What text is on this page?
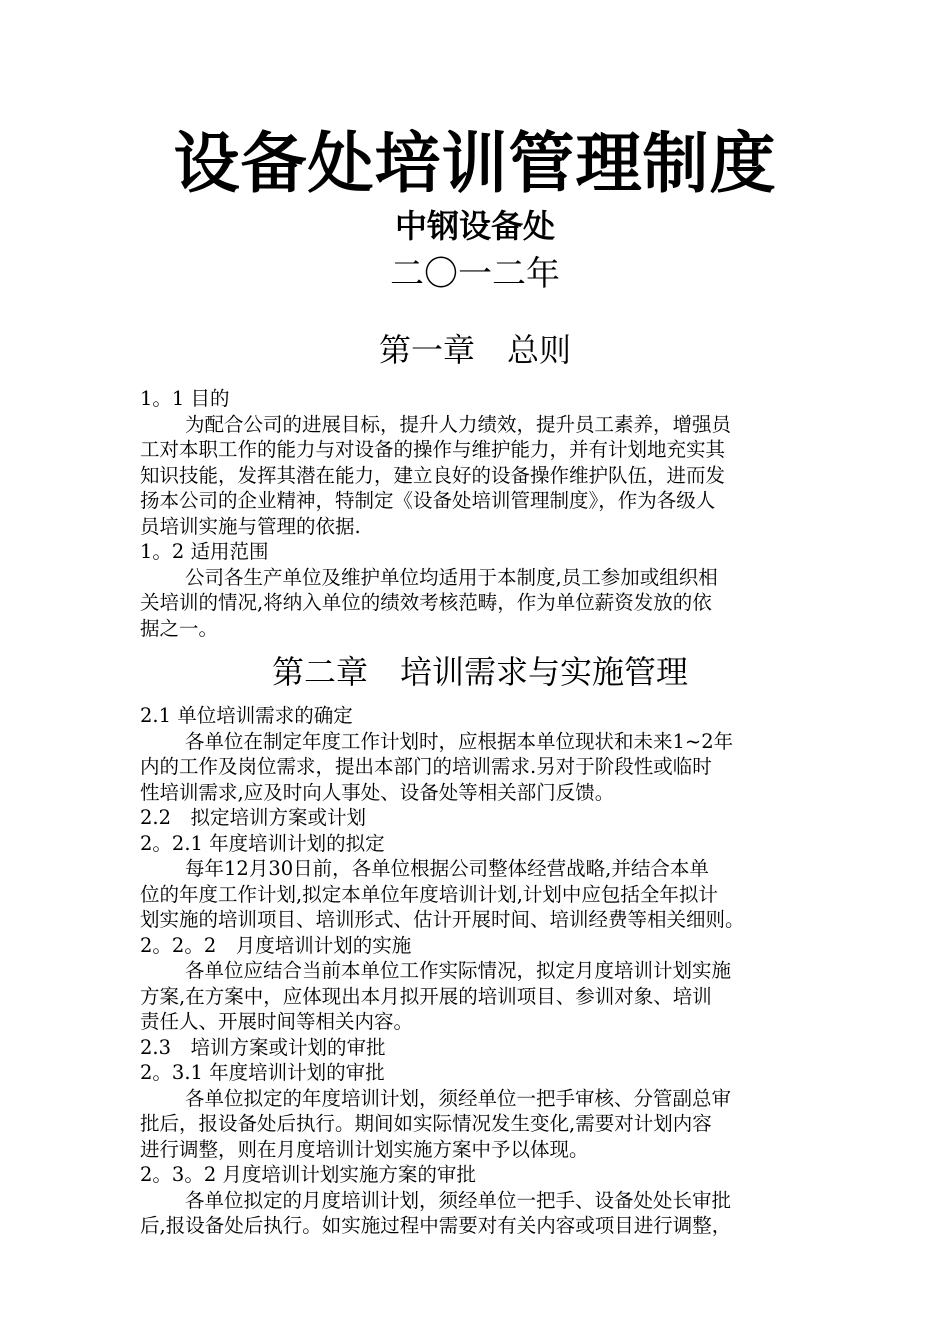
设备处培训管理制度
中钢设备处
二〇一二年
第一章　总则

1。1 目的

为配合公司的进展目标，提升人力绩效，提升员工素养，增强员

工对本职工作的能力与对设备的操作与维护能力，并有计划地充实其

知识技能，发挥其潜在能力，建立良好的设备操作维护队伍，进而发

扬本公司的企业精神，特制定《设备处培训管理制度》，作为各级人

员培训实施与管理的依据.

1。2 适用范围

公司各生产单位及维护单位均适用于本制度,员工参加或组织相

关培训的情况,将纳入单位的绩效考核范畴，作为单位薪资发放的依

据之一。

第二章　培训需求与实施管理

2.1 单位培训需求的确定

各单位在制定年度工作计划时，应根据本单位现状和未来1~2年

内的工作及岗位需求，提出本部门的培训需求.另对于阶段性或临时

性培训需求,应及时向人事处、设备处等相关部门反馈。

2.2　拟定培训方案或计划

2。2.1 年度培训计划的拟定

每年12月30日前，各单位根据公司整体经营战略,并结合本单

位的年度工作计划,拟定本单位年度培训计划,计划中应包括全年拟计

划实施的培训项目、培训形式、估计开展时间、培训经费等相关细则。

2。2。2　月度培训计划的实施

各单位应结合当前本单位工作实际情况，拟定月度培训计划实施

方案,在方案中，应体现出本月拟开展的培训项目、参训对象、培训

责任人、开展时间等相关内容。

2.3　培训方案或计划的审批

2。3.1 年度培训计划的审批

各单位拟定的年度培训计划，须经单位一把手审核、分管副总审

批后，报设备处后执行。期间如实际情况发生变化,需要对计划内容

进行调整，则在月度培训计划实施方案中予以体现。

2。3。2 月度培训计划实施方案的审批

各单位拟定的月度培训计划，须经单位一把手、设备处处长审批

后,报设备处后执行。如实施过程中需要对有关内容或项目进行调整，
